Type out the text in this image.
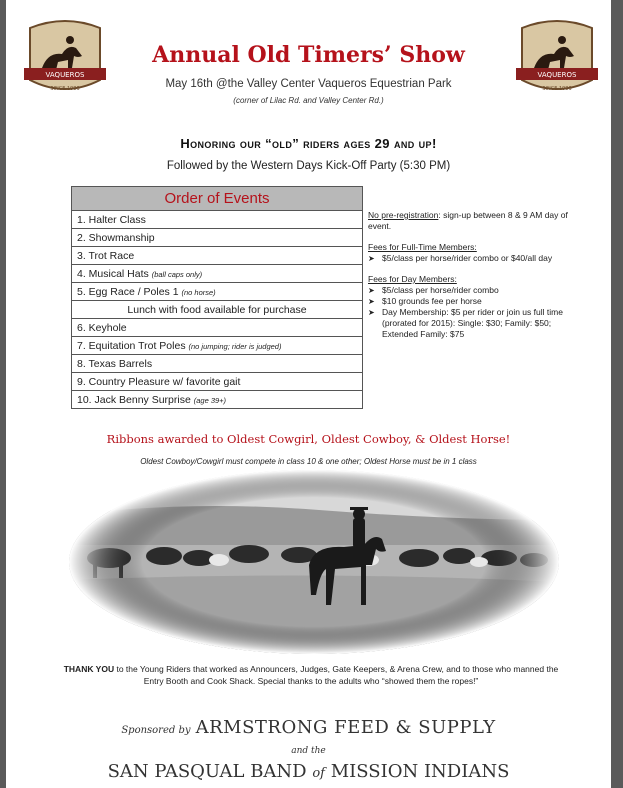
VAQUEROS
SINCE 1983
VAQUEROS
SINCE 1983
Annual Old Timers’ Show
May 16th @the Valley Center Vaqueros Equestrian Park
(corner of Lilac Rd. and Valley Center Rd.)
Honoring our “old” riders ages 29 and up!
Followed by the Western Days Kick-Off Party (5:30 PM)
Order of Events
1. Halter Class
2. Showmanship
3. Trot Race
4. Musical Hats (ball caps only)
5. Egg Race / Poles 1 (no horse)
Lunch with food available for purchase
6. Keyhole
7. Equitation Trot Poles (no jumping; rider is judged)
8. Texas Barrels
9. Country Pleasure w/ favorite gait
10. Jack Benny Surprise (age 39+)
No pre-registration: sign-up between 8 & 9 AM day of event.
Fees for Full-Time Members:
➤ $5/class per horse/rider combo or $40/all day
Fees for Day Members:
➤ $5/class per horse/rider combo
➤ $10 grounds fee per horse
➤ Day Membership: $5 per rider or join us full time (prorated for 2015): Single: $30; Family: $50; Extended Family: $75
Ribbons awarded to Oldest Cowgirl, Oldest Cowboy, & Oldest Horse!
Oldest Cowboy/Cowgirl must compete in class 10 & one other; Oldest Horse must be in 1 class
THANK YOU to the Young Riders that worked as Announcers, Judges, Gate Keepers, & Arena Crew, and to those who manned the Entry Booth and Cook Shack. Special thanks to the adults who “showed them the ropes!”
Sponsored by ARMSTRONG FEED & SUPPLY
and the
SAN PASQUAL BAND of MISSION INDIANS
